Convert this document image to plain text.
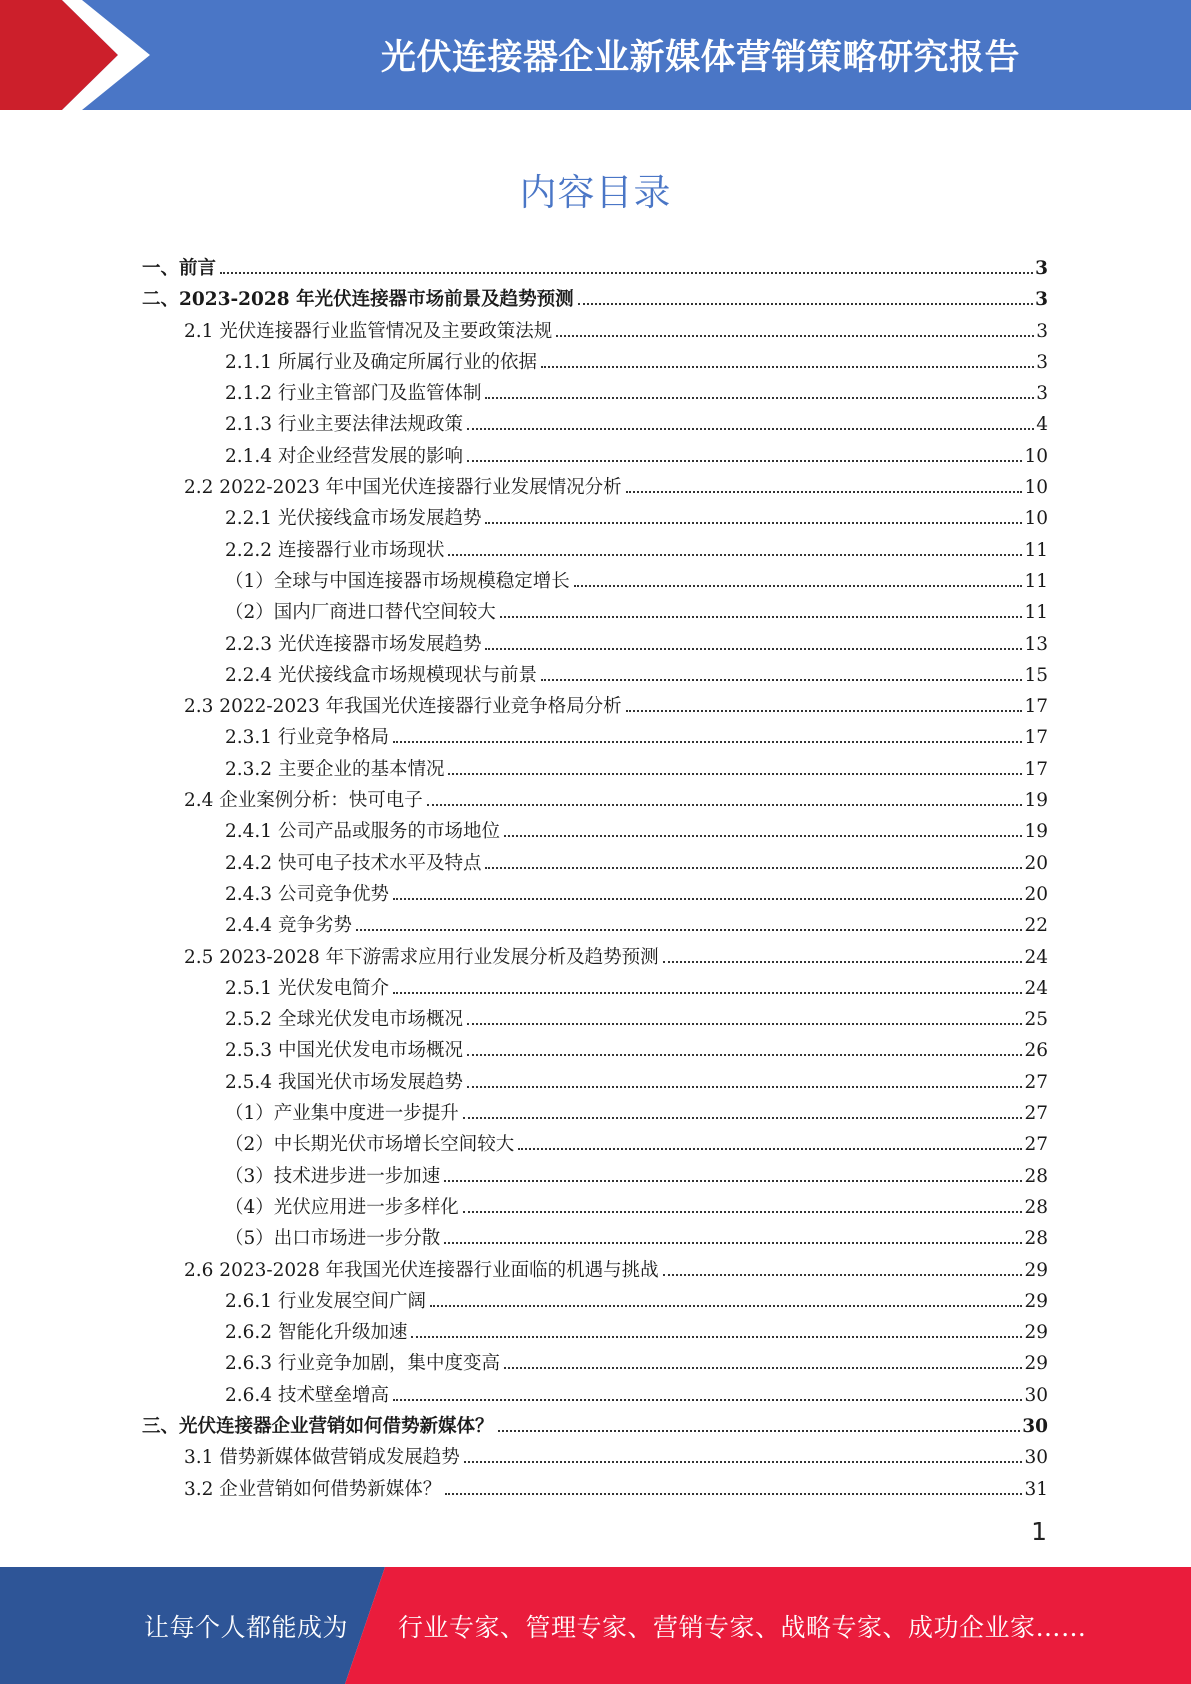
光伏连接器企业新媒体营销策略研究报告
内容目录
一、前言	3
二、2023-2028 年光伏连接器市场前景及趋势预测	3
2.1 光伏连接器行业监管情况及主要政策法规	3
2.1.1 所属行业及确定所属行业的依据	3
2.1.2 行业主管部门及监管体制	3
2.1.3 行业主要法律法规政策	4
2.1.4 对企业经营发展的影响	10
2.2 2022-2023 年中国光伏连接器行业发展情况分析	10
2.2.1 光伏接线盒市场发展趋势	10
2.2.2 连接器行业市场现状	11
（1）全球与中国连接器市场规模稳定增长	11
（2）国内厂商进口替代空间较大	11
2.2.3 光伏连接器市场发展趋势	13
2.2.4 光伏接线盒市场规模现状与前景	15
2.3 2022-2023 年我国光伏连接器行业竞争格局分析	17
2.3.1 行业竞争格局	17
2.3.2 主要企业的基本情况	17
2.4 企业案例分析：快可电子	19
2.4.1 公司产品或服务的市场地位	19
2.4.2 快可电子技术水平及特点	20
2.4.3 公司竞争优势	20
2.4.4 竞争劣势	22
2.5 2023-2028 年下游需求应用行业发展分析及趋势预测	24
2.5.1 光伏发电简介	24
2.5.2 全球光伏发电市场概况	25
2.5.3 中国光伏发电市场概况	26
2.5.4 我国光伏市场发展趋势	27
（1）产业集中度进一步提升	27
（2）中长期光伏市场增长空间较大	27
（3）技术进步进一步加速	28
（4）光伏应用进一步多样化	28
（5）出口市场进一步分散	28
2.6 2023-2028 年我国光伏连接器行业面临的机遇与挑战	29
2.6.1 行业发展空间广阔	29
2.6.2 智能化升级加速	29
2.6.3 行业竞争加剧，集中度变高	29
2.6.4 技术壁垒增高	30
三、光伏连接器企业营销如何借势新媒体？	30
3.1 借势新媒体做营销成发展趋势	30
3.2 企业营销如何借势新媒体？	31
1
让每个人都能成为 行业专家、管理专家、营销专家、战略专家、成功企业家……
